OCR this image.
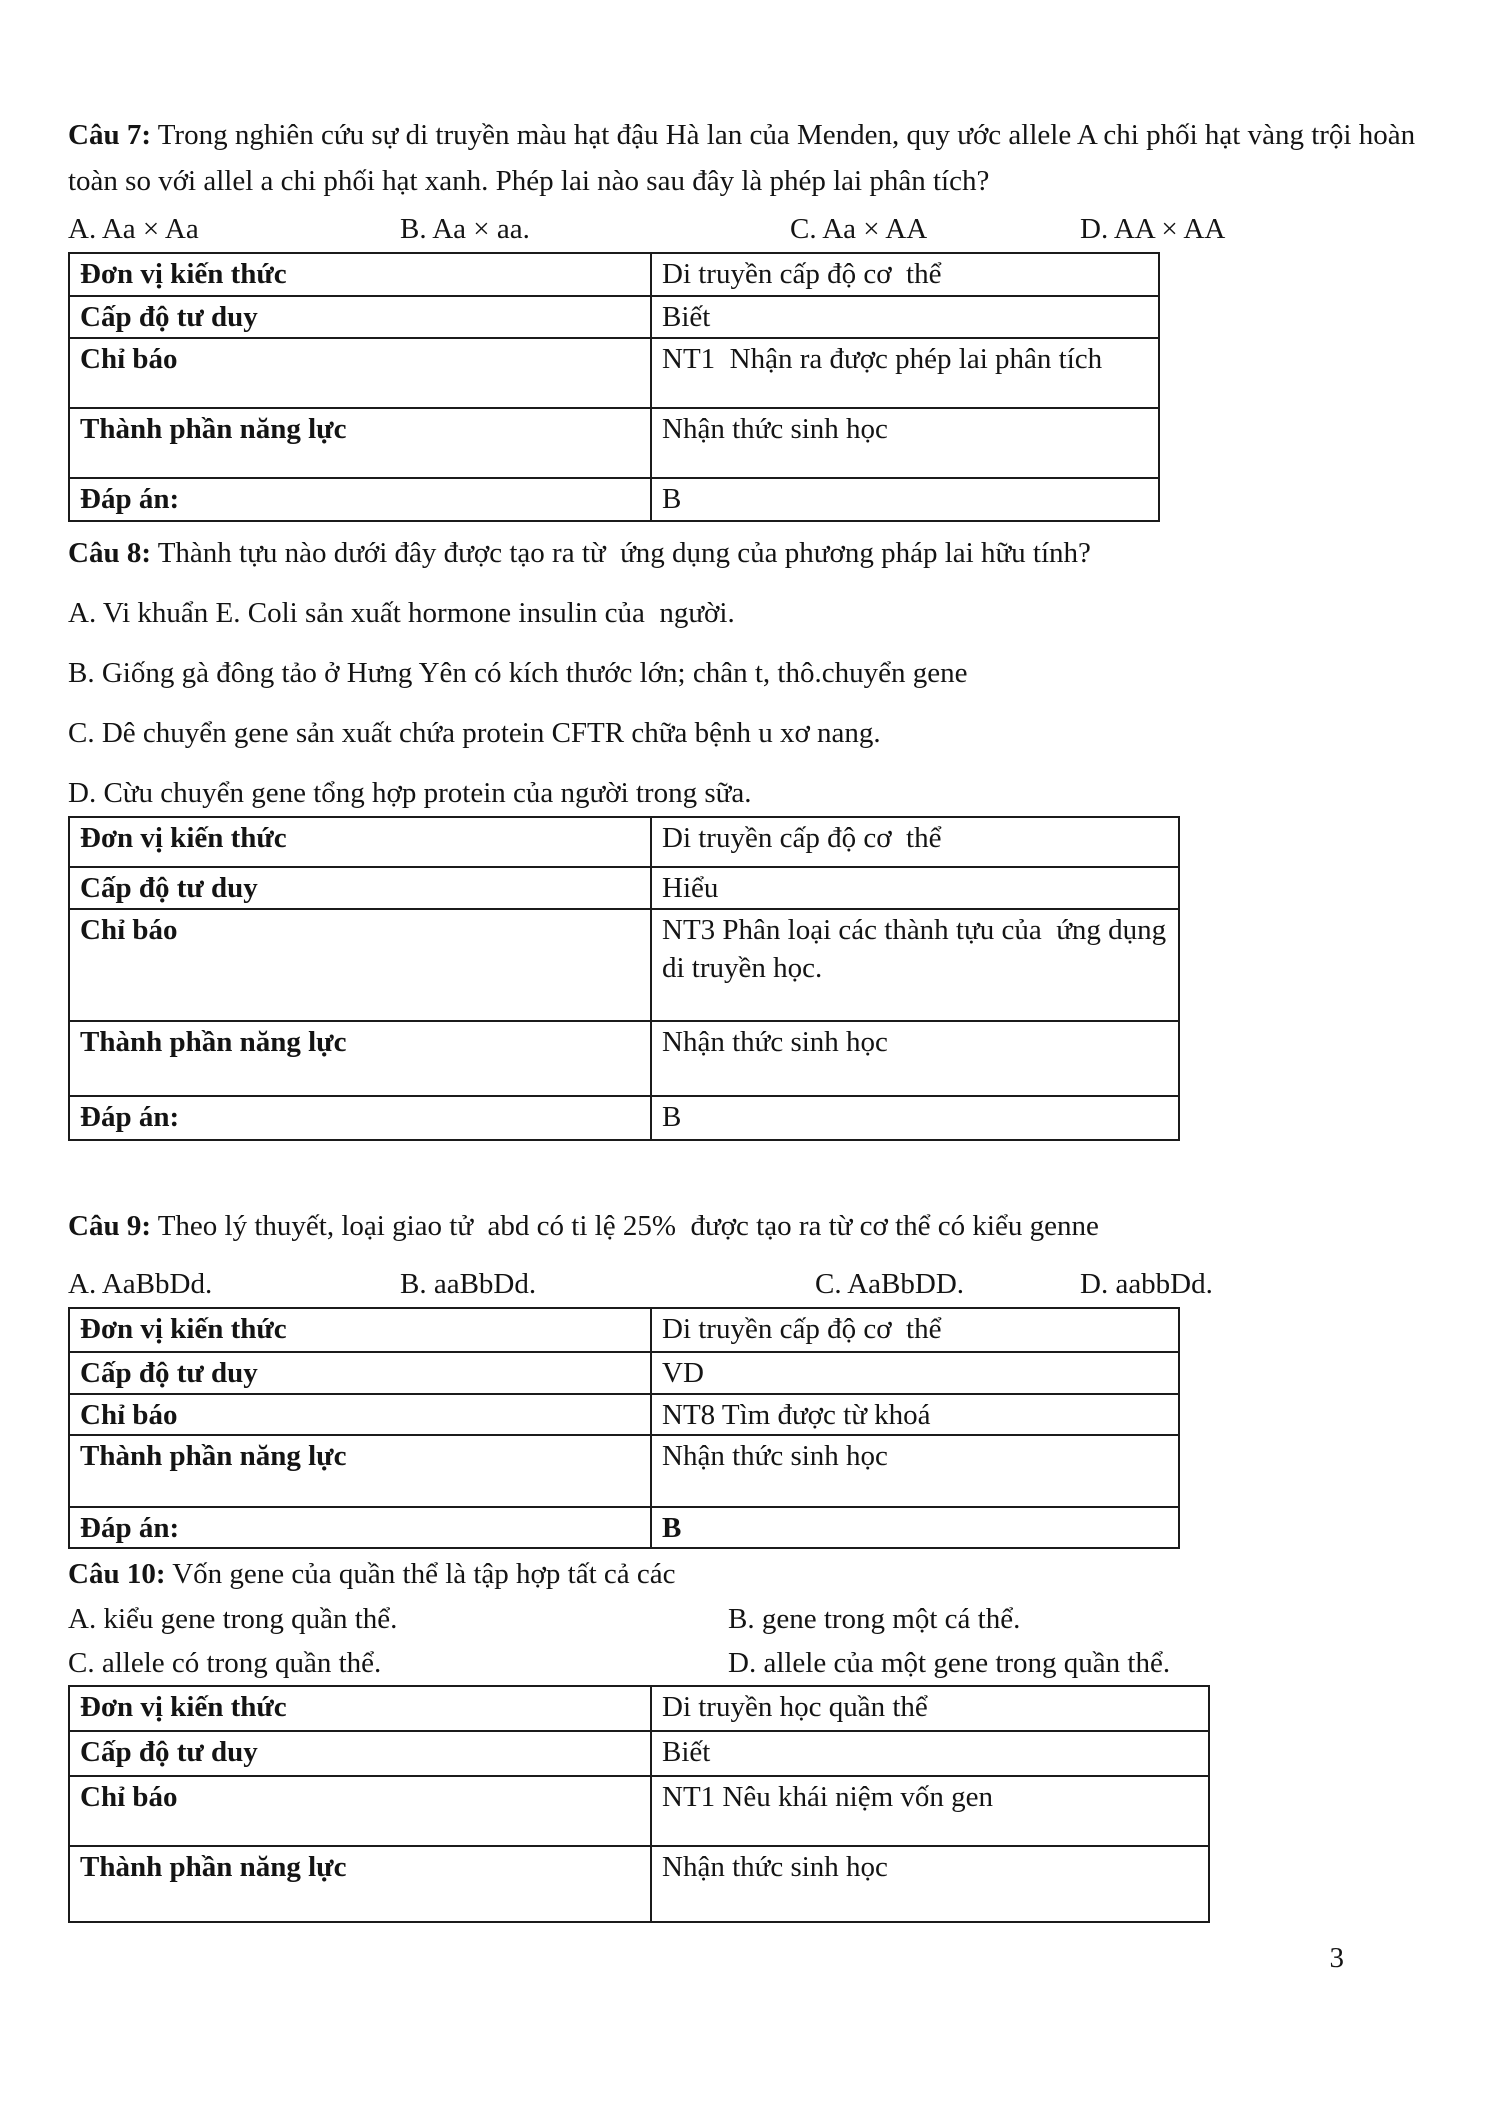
Câu 7: Trong nghiên cứu sự di truyền màu hạt đậu Hà lan của Menden, quy ước allele A chi phối hạt vàng trội hoàn toàn so với allel a chi phối hạt xanh. Phép lai nào sau đây là phép lai phân tích?

A. Aa × Aa	B. Aa × aa.	C. Aa × AA	D. AA × AA
Đơn vị kiến thức	Di truyền cấp độ cơ  thể
Cấp độ tư duy	Biết
Chỉ báo	NT1  Nhận ra được phép lai phân tích
Thành phần năng lực	Nhận thức sinh học
Đáp án:	B

Câu 8: Thành tựu nào dưới đây được tạo ra từ  ứng dụng của phương pháp lai hữu tính?

A. Vi khuẩn E. Coli sản xuất hormone insulin của  người.
B. Giống gà đông tảo ở Hưng Yên có kích thước lớn; chân t, thô.chuyển gene
C. Dê chuyển gene sản xuất chứa protein CFTR chữa bệnh u xơ nang.
D. Cừu chuyển gene tổng hợp protein của người trong sữa.
Đơn vị kiến thức	Di truyền cấp độ cơ  thể
Cấp độ tư duy	Hiểu
Chỉ báo	NT3 Phân loại các thành tựu của  ứng dụng di truyền học.
Thành phần năng lực	Nhận thức sinh học
Đáp án:	B

Câu 9: Theo lý thuyết, loại giao tử  abd có ti lệ 25%  được tạo ra từ cơ thể có kiểu genne

A. AaBbDd.	B. aaBbDd.	C. AaBbDD.	D. aabbDd.
Đơn vị kiến thức	Di truyền cấp độ cơ  thể
Cấp độ tư duy	VD
Chỉ báo	NT8 Tìm được từ khoá
Thành phần năng lực	Nhận thức sinh học
Đáp án:	B

Câu 10: Vốn gene của quần thể là tập hợp tất cả các

A. kiểu gene trong quần thể.	B. gene trong một cá thể.
C. allele có trong quần thể.	D. allele của một gene trong quần thể.
Đơn vị kiến thức	Di truyền học quần thể
Cấp độ tư duy	Biết
Chỉ báo	NT1 Nêu khái niệm vốn gen
Thành phần năng lực	Nhận thức sinh học
3
